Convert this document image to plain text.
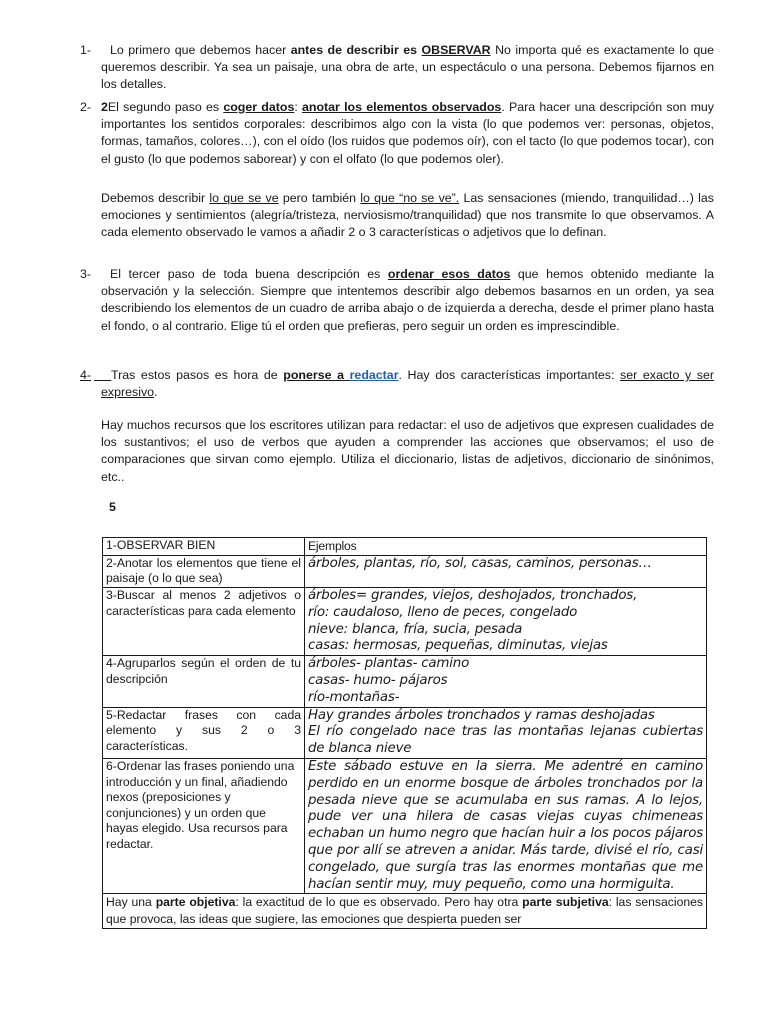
1-	Lo primero que debemos hacer antes de describir es OBSERVAR No importa qué es exactamente lo que queremos describir. Ya sea un paisaje, una obra de arte, un espectáculo o una persona. Debemos fijarnos en los detalles.
2- 2El segundo paso es coger datos: anotar los elementos observados. Para hacer una descripción son muy importantes los sentidos corporales: describimos algo con la vista (lo que podemos ver: personas, objetos, formas, tamaños, colores…), con el oído (los ruidos que podemos oír), con el tacto (lo que podemos tocar), con el gusto (lo que podemos saborear) y con el olfato (lo que podemos oler).
Debemos describir lo que se ve pero también lo que “no se ve”. Las sensaciones (miendo, tranquilidad…) las emociones y sentimientos (alegría/tristeza, nerviosismo/tranquilidad) que nos transmite lo que observamos. A cada elemento observado le vamos a añadir 2 o 3 características o adjetivos que lo definan.
3-	El tercer paso de toda buena descripción es ordenar esos datos que hemos obtenido mediante la observación y la selección. Siempre que intentemos describir algo debemos basarnos en un orden, ya sea describiendo los elementos de un cuadro de arriba abajo o de izquierda a derecha, desde el primer plano hasta el fondo, o al contrario. Elige tú el orden que prefieras, pero seguir un orden es imprescindible.
4-
	Tras estos pasos es hora de ponerse a redactar. Hay dos características importantes: ser exacto y ser expresivo.
Hay muchos recursos que los escritores utilizan para redactar: el uso de adjetivos que expresen cualidades de los sustantivos; el uso de verbos que ayuden a comprender las acciones que observamos; el uso de comparaciones que sirvan como ejemplo. Utiliza el diccionario, listas de adjetivos, diccionario de sinónimos, etc..
5
1-OBSERVAR BIEN	Ejemplos
2-Anotar los elementos que tiene el paisaje (o lo que sea)	árboles, plantas, río, sol, casas, caminos, personas…

3-Buscar al menos 2 adjetivos o características para cada elemento	árboles= grandes, viejos, deshojados, tronchados,
río: caudaloso, lleno de peces, congelado
nieve: blanca, fría, sucia, pesada
casas: hermosas, pequeñas, diminutas, viejas

4-Agruparlos según el orden de tu descripción	árboles- plantas- camino
casas- humo- pájaros
río-montañas-

5-Redactar frases con cada elemento y sus 2 o 3 características.	Hay grandes árboles tronchados y ramas deshojadas
El río congelado nace tras las montañas lejanas cubiertas de blanca nieve

6-Ordenar las frases poniendo una introducción y un final, añadiendo nexos (preposiciones y conjunciones) y un orden que hayas elegido. Usa recursos para redactar.	Este sábado estuve en la sierra. Me adentré en camino perdido en un enorme bosque de árboles tronchados por la pesada nieve que se acumulaba en sus ramas. A lo lejos, pude ver una hilera de casas viejas cuyas chimeneas echaban un humo negro que hacían huir a los pocos pájaros que por allí se atreven a anidar. Más tarde, divisé el río, casi congelado, que surgía tras las enormes montañas que me hacían sentir muy, muy pequeño, como una hormiguita.
Hay una parte objetiva: la exactitud de lo que es observado. Pero hay otra parte subjetiva: las sensaciones que provoca, las ideas que sugiere, las emociones que despierta pueden ser	
